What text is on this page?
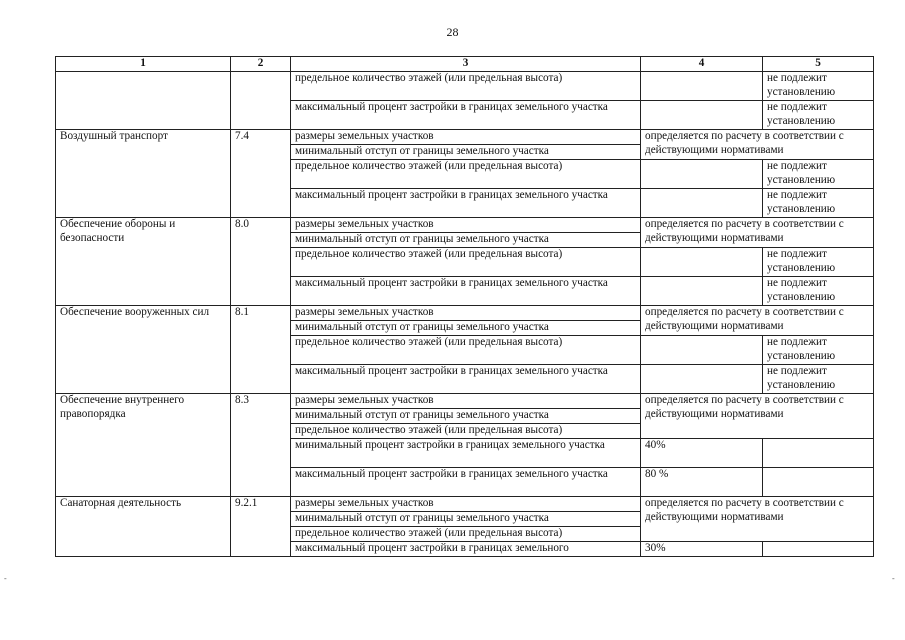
28
1	2	3	4	5
		предельное количество этажей (или предельная высота)		не подлежит установлению
		максимальный процент застройки в границах земельного участка		не подлежит установлению
Воздушный транспорт	7.4	размеры земельных участков	определяется по расчету в соответствии с действующими нормативами	
		минимальный отступ от границы земельного участка		
		предельное количество этажей (или предельная высота)		не подлежит установлению
		максимальный процент застройки в границах земельного участка		не подлежит установлению
Обеспечение обороны и безопасности	8.0	размеры земельных участков	определяется по расчету в соответствии с действующими нормативами	
		минимальный отступ от границы земельного участка		
		предельное количество этажей (или предельная высота)		не подлежит установлению
		максимальный процент застройки в границах земельного участка		не подлежит установлению
Обеспечение вооруженных сил	8.1	размеры земельных участков	определяется по расчету в соответствии с действующими нормативами	
		минимальный отступ от границы земельного участка		
		предельное количество этажей (или предельная высота)		не подлежит установлению
		максимальный процент застройки в границах земельного участка		не подлежит установлению
Обеспечение внутреннего правопорядка	8.3	размеры земельных участков	определяется по расчету в соответствии с действующими нормативами	
		минимальный отступ от границы земельного участка		
		предельное количество этажей (или предельная высота)		
		минимальный процент застройки в границах земельного участка	40%	
		максимальный процент застройки в границах земельного участка	80 %	
Санаторная деятельность	9.2.1	размеры земельных участков	определяется по расчету в соответствии с действующими нормативами	
		минимальный отступ от границы земельного участка		
		предельное количество этажей (или предельная высота)		
		максимальный процент застройки в границах земельного	30%	
-	-
